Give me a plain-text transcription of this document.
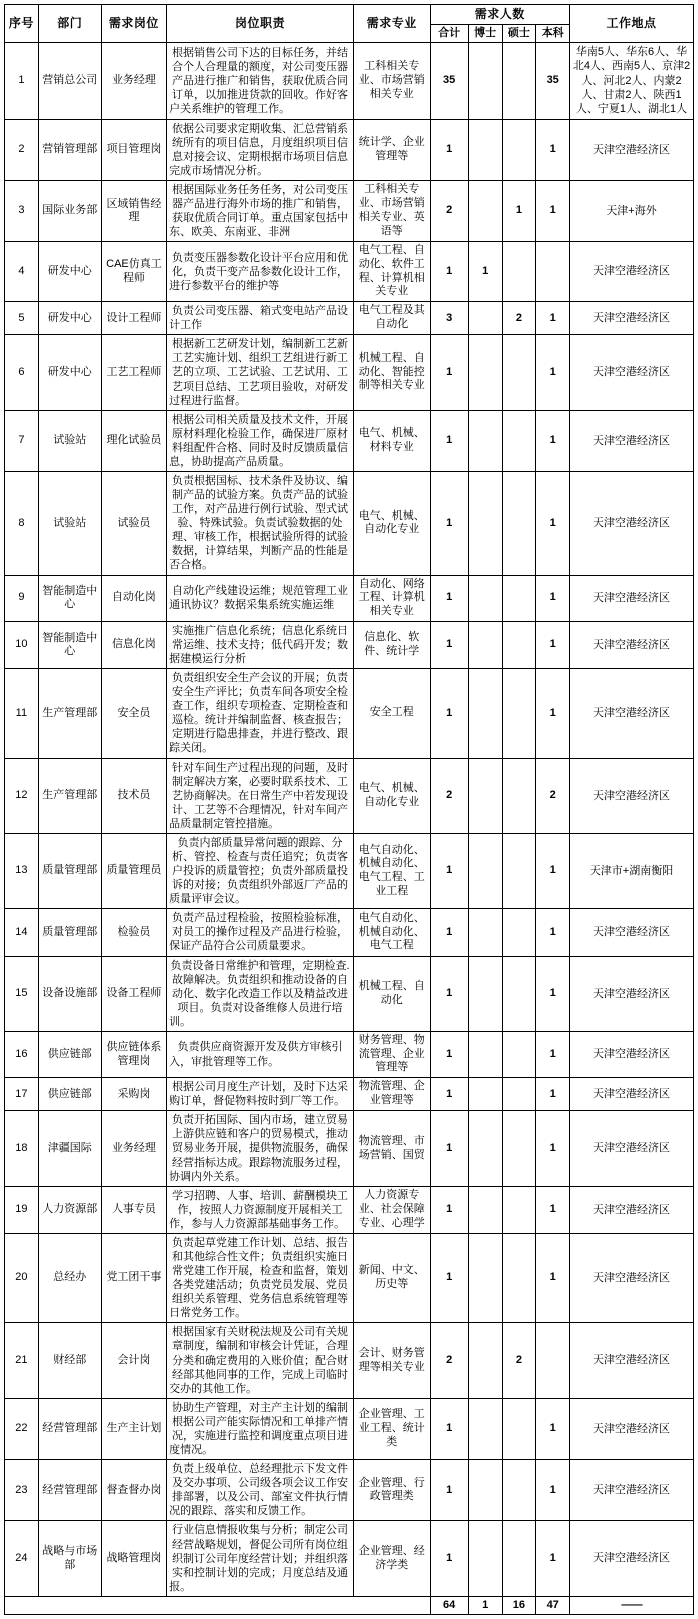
序号	部门	需求岗位	岗位职责	需求专业	需求人数				工作地点
					合计	博士	硕士	本科	
1	营销总公司	业务经理	根据销售公司下达的目标任务，并结合个人合理量的额度，对公司变压器产品进行推广和销售，获取优质合同订单，以加推进货款的回收。作好客户关系维护的管理工作。	工科相关专业、市场营销相关专业	35			35	华南5人、华东6人、华北4人、西南5人、京津2人、河北2人、内蒙2人、甘肃2人、陕西1人、宁夏1人、湖北1人
2	营销管理部	项目管理岗	依据公司要求定期收集、汇总营销系统所有的项目信息，月度组织项目信息对接会议、定期根据市场项目信息完成市场情况分析。	统计学、企业管理等	1			1	天津空港经济区
3	国际业务部	区域销售经理	根据国际业务任务任务，对公司变压器产品进行海外市场的推广和销售，获取优质合同订单。重点国家包括中东、欧美、东南亚、非洲	工科相关专业、市场营销相关专业、英语等	2		1	1	天津+海外
4	研发中心	CAE仿真工程师	负责变压器参数化设计平台应用和优化，负责干变产品参数化设计工作，进行参数平台的维护等	电气工程、自动化、软件工程、计算机相关专业	1	1			天津空港经济区
5	研发中心	设计工程师	负责公司变压器、箱式变电站产品设计工作	电气工程及其自动化	3		2	1	天津空港经济区
6	研发中心	工艺工程师	根据新工艺研发计划，编制新工艺新工艺实施计划、组织工艺组进行新工艺的立项、工艺试验、工艺试用、工艺项目总结、工艺项目验收，对研发过程进行监督。	机械工程、自动化、智能控制等相关专业	1			1	天津空港经济区
7	试验站	理化试验员	根据公司相关质量及技术文件，开展原材料理化检验工作，确保进厂原材料组配件合格、同时及时反馈质量信息，协助提高产品质量。	电气、机械、材料专业	1			1	天津空港经济区
8	试验站	试验员	负责根据国标、技术条件及协议、编制产品的试验方案。负责产品的试验工作，对产品进行例行试验、型式试验、特殊试验。负责试验数据的处理、审核工作，根据试验所得的试验数据，计算结果，判断产品的性能是否合格。	电气、机械、自动化专业	1			1	天津空港经济区
9	智能制造中心	自动化岗	自动化产线建设运维；规范管理工业通讯协议？数据采集系统实施运维	自动化、网络工程、计算机相关专业	1			1	天津空港经济区
10	智能制造中心	信息化岗	实施推广信息化系统；信息化系统日常运维、技术支持；低代码开发；数据建模运行分析	信息化、软件、统计学	1			1	天津空港经济区
11	生产管理部	安全员	负责组织安全生产会议的开展；负责安全生产评比；负责车间各项安全检查工作，组织专项检查、定期检查和巡检。统计并编制监督、核查报告；定期进行隐患排查，并进行整改、跟踪关闭。	安全工程	1			1	天津空港经济区
12	生产管理部	技术员	针对车间生产过程出现的问题，及时制定解决方案，必要时联系技术、工艺协商解决。在日常生产中若发现设计、工艺等不合理情况，针对车间产品质量制定管控措施。	电气、机械、自动化专业	2			2	天津空港经济区
13	质量管理部	质量管理员	负责内部质量异常问题的跟踪、分析、管控、检查与责任追究；负责客户投诉的质量管控；负责外部质量投诉的对接；负责组织外部返厂产品的质量评审会议。	电气自动化、机械自动化、电气工程、工业工程	1			1	天津市+湖南衡阳
14	质量管理部	检验员	负责产品过程检验，按照检验标准，对员工的操作过程及产品进行检验，保证产品符合公司质量要求。	电气自动化、机械自动化、电气工程	1			1	天津空港经济区
15	设备设施部	设备工程师	负责设备日常维护和管理，定期检查.故障解决。负责组织和推动设备的自动化、数字化改造工作以及精益改进项目。负责对设备维修人员进行培训。	机械工程、自动化	1			1	天津空港经济区
16	供应链部	供应链体系管理岗	负责供应商资源开发及供方审核引入，审批管理等工作。	财务管理、物流管理、企业管理等	1			1	天津空港经济区
17	供应链部	采购岗	根据公司月度生产计划，及时下达采购订单，督促物料按时到厂等工作。	物流管理、企业管理等	1			1	天津空港经济区
18	津疆国际	业务经理	负责开拓国际、国内市场，建立贸易上游供应链和客户的贸易模式，推动贸易业务开展，提供物流服务，确保经营指标达成。跟踪物流服务过程，协调内外关系。	物流管理、市场营销、国贸	1			1	天津空港经济区
19	人力资源部	人事专员	学习招聘、人事、培训、薪酬模块工作，按照人力资源制度开展相关工作，参与人力资源部基础事务工作。	人力资源专业、社会保障专业、心理学	1			1	天津空港经济区
20	总经办	党工团干事	负责起草党建工作计划、总结、报告和其他综合性文件；负责组织实施日常党建工作开展，检查和监督，策划各类党建活动；负责党员发展、党员组织关系管理、党务信息系统管理等日常党务工作。	新闻、中文、历史等	1			1	天津空港经济区
21	财经部	会计岗	根据国家有关财税法规及公司有关规章制度，编制和审核会计凭证，合理分类和确定费用的入账价值；配合财经部其他同事的工作，完成上司临时交办的其他工作。	会计、财务管理等相关专业	2		2		天津空港经济区
22	经营管理部	生产主计划	协助生产管理，对主产主计划的编制根据公司产能实际情况和工单排产情况，实施进行监控和调度重点项目进度情况。	企业管理、工业工程、统计类	1			1	天津空港经济区
23	经营管理部	督查督办岗	负责上级单位、总经理批示下发文件及交办事项、公司级各项会议工作安排部署，以及公司、部室文件执行情况的跟踪、落实和反馈工作。	企业管理、行政管理类	1			1	天津空港经济区
24	战略与市场部	战略管理岗	行业信息情报收集与分析；制定公司经营战略规划，督促公司所有岗位组织制订公司年度经营计划；并组织落实和控制计划的完成；月度总结及通报。	企业管理、经济学类	1			1	天津空港经济区
					64	1	16	47	——
